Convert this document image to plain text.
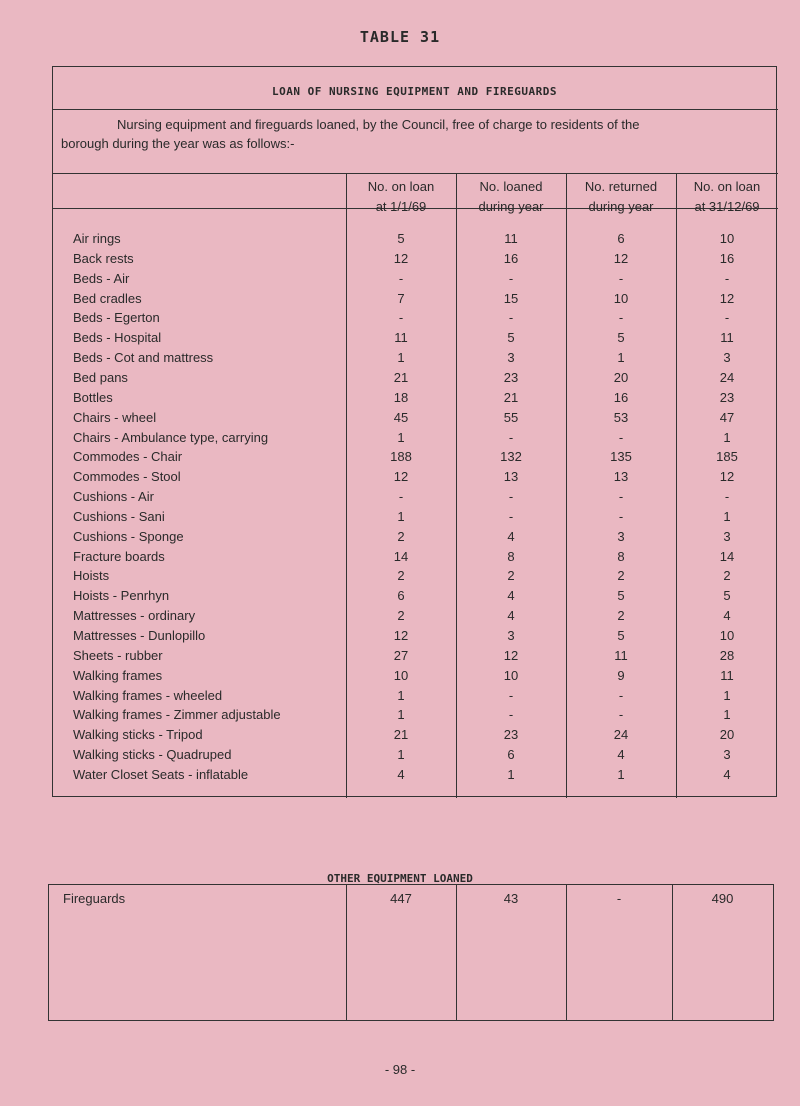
TABLE 31
LOAN OF NURSING EQUIPMENT AND FIREGUARDS
Nursing equipment and fireguards loaned, by the Council, free of charge to residents of the
borough during the year was as follows:-
No. on loan
at 1/1/69
No. loaned
during year
No. returned
during year
No. on loan
at 31/12/69
Air rings	5	11	6	10
Back rests	12	16	12	16
Beds - Air	-	-	-	-
Bed cradles	7	15	10	12
Beds - Egerton	-	-	-	-
Beds - Hospital	11	5	5	11
Beds - Cot and mattress	1	3	1	3
Bed pans	21	23	20	24
Bottles	18	21	16	23
Chairs - wheel	45	55	53	47
Chairs - Ambulance type, carrying	1	-	-	1
Commodes - Chair	188	132	135	185
Commodes - Stool	12	13	13	12
Cushions - Air	-	-	-	-
Cushions - Sani	1	-	-	1
Cushions - Sponge	2	4	3	3
Fracture boards	14	8	8	14
Hoists	2	2	2	2
Hoists - Penrhyn	6	4	5	5
Mattresses - ordinary	2	4	2	4
Mattresses - Dunlopillo	12	3	5	10
Sheets - rubber	27	12	11	28
Walking frames	10	10	9	11
Walking frames - wheeled	1	-	-	1
Walking frames - Zimmer adjustable	1	-	-	1
Walking sticks - Tripod	21	23	24	20
Walking sticks - Quadruped	1	6	4	3
Water Closet Seats - inflatable	4	1	1	4
OTHER EQUIPMENT LOANED
Fireguards	447	43	-	490
- 98 -
